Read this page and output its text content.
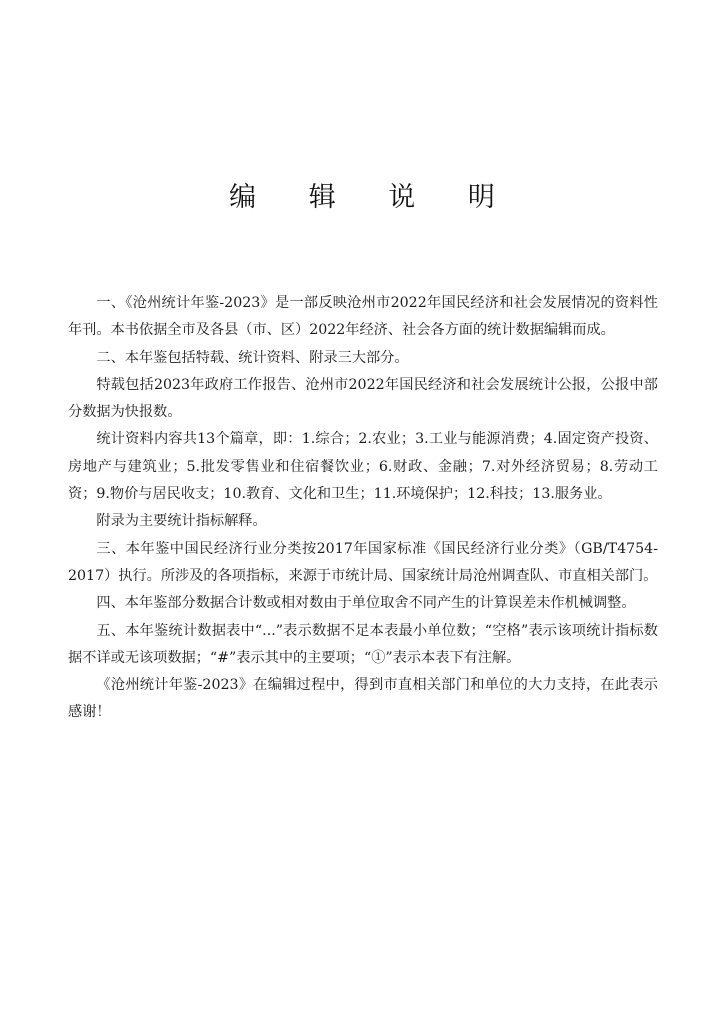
编 辑 说 明

一、《沧州统计年鉴-2023》是一部反映沧州市2022年国民经济和社会发展情况的资料性年刊。本书依据全市及各县（市、区）2022年经济、社会各方面的统计数据编辑而成。

二、本年鉴包括特载、统计资料、附录三大部分。

特载包括2023年政府工作报告、沧州市2022年国民经济和社会发展统计公报，公报中部分数据为快报数。

统计资料内容共13个篇章，即：1.综合；2.农业；3.工业与能源消费；4.固定资产投资、房地产与建筑业；5.批发零售业和住宿餐饮业；6.财政、金融；7.对外经济贸易；8.劳动工资；9.物价与居民收支；10.教育、文化和卫生；11.环境保护；12.科技；13.服务业。

附录为主要统计指标解释。

三、本年鉴中国民经济行业分类按2017年国家标准《国民经济行业分类》（GB/T4754-2017）执行。所涉及的各项指标，来源于市统计局、国家统计局沧州调查队、市直相关部门。

四、本年鉴部分数据合计数或相对数由于单位取舍不同产生的计算误差未作机械调整。

五、本年鉴统计数据表中“...”表示数据不足本表最小单位数；“空格”表示该项统计指标数据不详或无该项数据；“#”表示其中的主要项；“①”表示本表下有注解。

《沧州统计年鉴-2023》在编辑过程中，得到市直相关部门和单位的大力支持，在此表示感谢！
